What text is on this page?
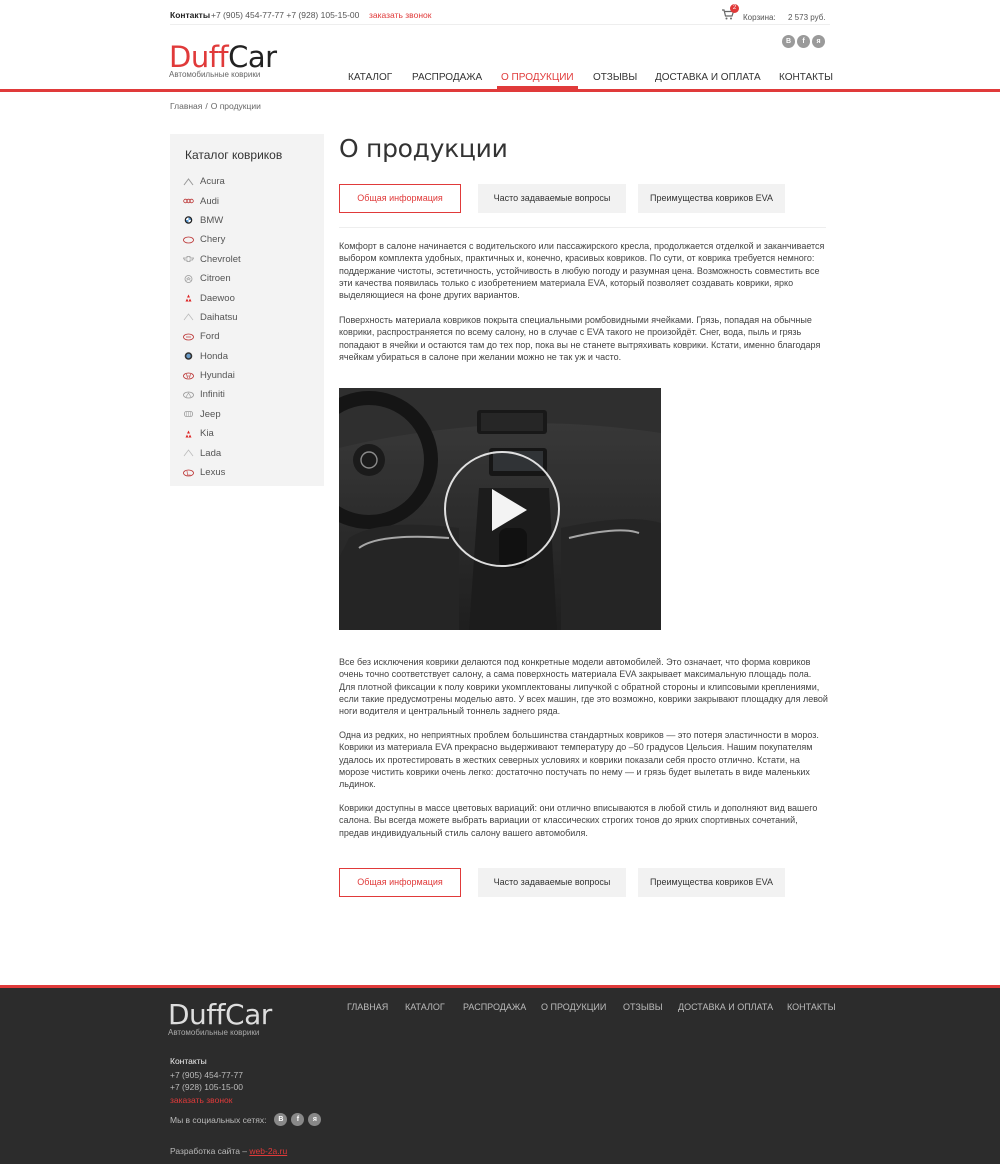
Контакты +7 (905) 454-77-77 +7 (928) 105-15-00 заказать звонок
2
Корзина: 2 573 руб.
B f я
DuffCar
Автомобильные коврики	КАТАЛОГ РАСПРОДАЖА О ПРОДУКЦИИ ОТЗЫВЫ ДОСТАВКА И ОПЛАТА КОНТАКТЫ
Главная / О продукции
Каталог ковриков
Acura
Audi
BMW
Chery
Chevrolet
Citroen
Daewoo
Daihatsu
Ford
Honda
Hyundai
Infiniti
Jeep
Kia
Lada
Lexus
О продукции
Общая информация	Часто задаваемые вопросы	Преимущества ковриков EVA

Комфорт в салоне начинается с водительского или пассажирского кресла, продолжается отделкой и заканчивается выбором комплекта удобных, практичных и, конечно, красивых ковриков. По сути, от коврика требуется немного: поддержание чистоты, эстетичность, устойчивость в любую погоду и разумная цена. Возможность совместить все эти качества появилась только с изобретением материала EVA, который позволяет создавать коврики, ярко выделяющиеся на фоне других вариантов.

Поверхность материала ковриков покрыта специальными ромбовидными ячейками. Грязь, попадая на обычные коврики, распространяется по всему салону, но в случае с EVA такого не произойдёт. Снег, вода, пыль и грязь попадают в ячейки и остаются там до тех пор, пока вы не станете вытряхивать коврики. Кстати, именно благодаря ячейкам убираться в салоне при желании можно не так уж и часто.

Все без исключения коврики делаются под конкретные модели автомобилей. Это означает, что форма ковриков очень точно соответствует салону, а сама поверхность материала EVA закрывает максимальную площадь пола. Для плотной фиксации к полу коврики укомплектованы липучкой с обратной стороны и клипсовыми креплениями, если такие предусмотрены моделью авто. У всех машин, где это возможно, коврики закрывают площадку для левой ноги водителя и центральный тоннель заднего ряда.

Одна из редких, но неприятных проблем большинства стандартных ковриков — это потеря эластичности в мороз. Коврики из материала EVA прекрасно выдерживают температуру до –50 градусов Цельсия. Нашим покупателям удалось их протестировать в жестких северных условиях и коврики показали себя просто отлично. Кстати, на морозе чистить коврики очень легко: достаточно постучать по нему — и грязь будет вылетать в виде маленьких льдинок.

Коврики доступны в массе цветовых вариаций: они отлично вписываются в любой стиль и дополняют вид вашего салона. Вы всегда можете выбрать вариации от классических строгих тонов до ярких спортивных сочетаний, предав индивидуальный стиль салону вашего автомобиля.

Общая информация	Часто задаваемые вопросы	Преимущества ковриков EVA
DuffCar
Автомобильные коврики
ГЛАВНАЯ КАТАЛОГ РАСПРОДАЖА О ПРОДУКЦИИ ОТЗЫВЫ ДОСТАВКА И ОПЛАТА КОНТАКТЫ
Контакты
+7 (905) 454-77-77
+7 (928) 105-15-00
заказать звонок
Мы в социальных сетях:	B	f	я
Разработка сайта – web-2a.ru
